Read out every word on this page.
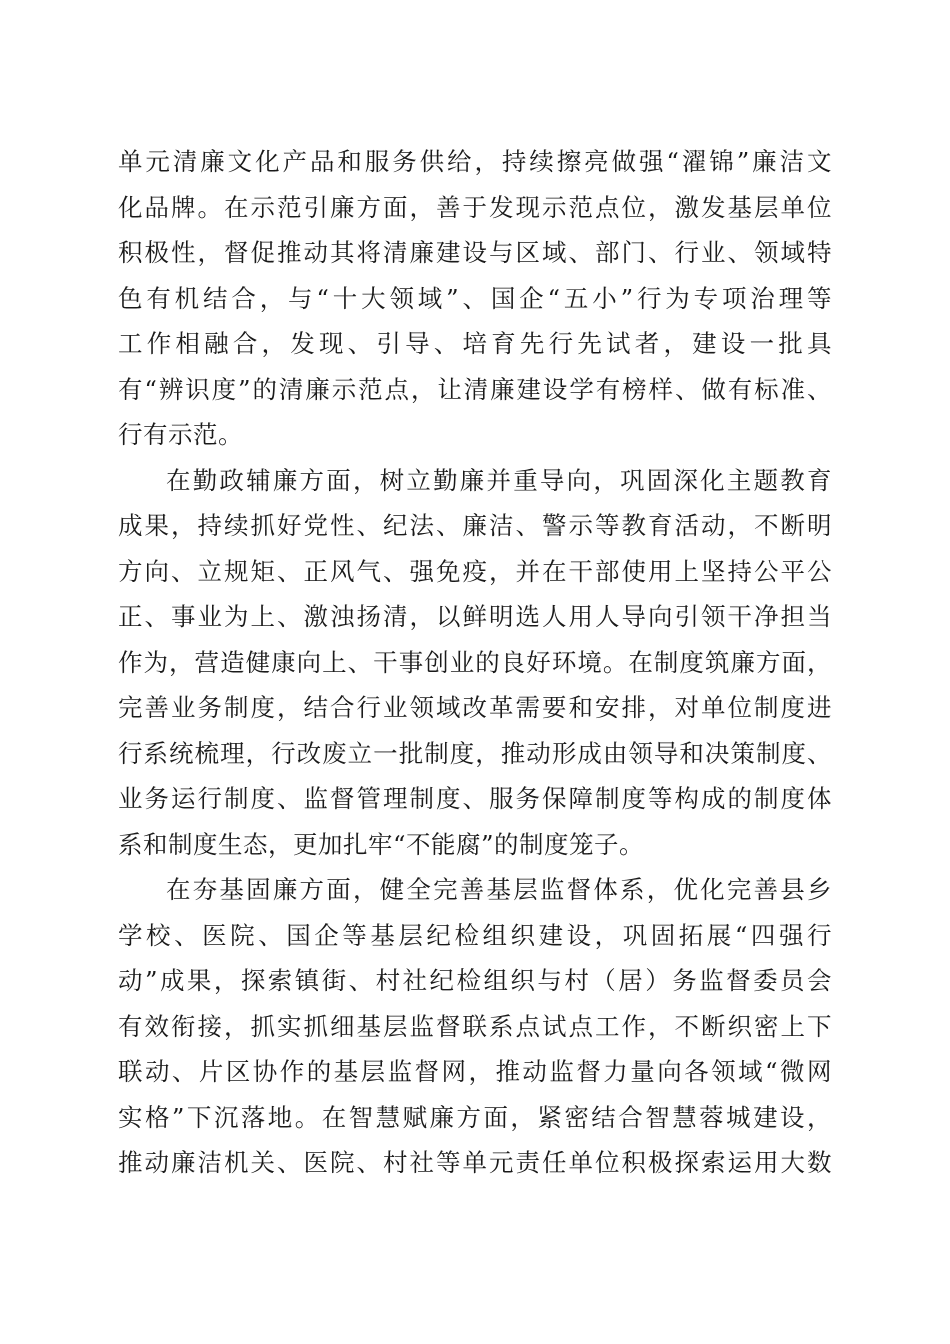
单元清廉文化产品和服务供给，持续擦亮做强“濯锦”廉洁文
化品牌。在示范引廉方面，善于发现示范点位，激发基层单位
积极性，督促推动其将清廉建设与区域、部门、行业、领域特
色有机结合，与“十大领域”、国企“五小”行为专项治理等
工作相融合，发现、引导、培育先行先试者，建设一批具
有“辨识度”的清廉示范点，让清廉建设学有榜样、做有标准、
行有示范。
在勤政辅廉方面，树立勤廉并重导向，巩固深化主题教育
成果，持续抓好党性、纪法、廉洁、警示等教育活动，不断明
方向、立规矩、正风气、强免疫，并在干部使用上坚持公平公
正、事业为上、激浊扬清，以鲜明选人用人导向引领干净担当
作为，营造健康向上、干事创业的良好环境。在制度筑廉方面，
完善业务制度，结合行业领域改革需要和安排，对单位制度进
行系统梳理，行改废立一批制度，推动形成由领导和决策制度、
业务运行制度、监督管理制度、服务保障制度等构成的制度体
系和制度生态，更加扎牢“不能腐”的制度笼子。
在夯基固廉方面，健全完善基层监督体系，优化完善县乡
学校、医院、国企等基层纪检组织建设，巩固拓展“四强行
动”成果，探索镇街、村社纪检组织与村（居）务监督委员会
有效衔接，抓实抓细基层监督联系点试点工作，不断织密上下
联动、片区协作的基层监督网，推动监督力量向各领域“微网
实格”下沉落地。在智慧赋廉方面，紧密结合智慧蓉城建设，
推动廉洁机关、医院、村社等单元责任单位积极探索运用大数
